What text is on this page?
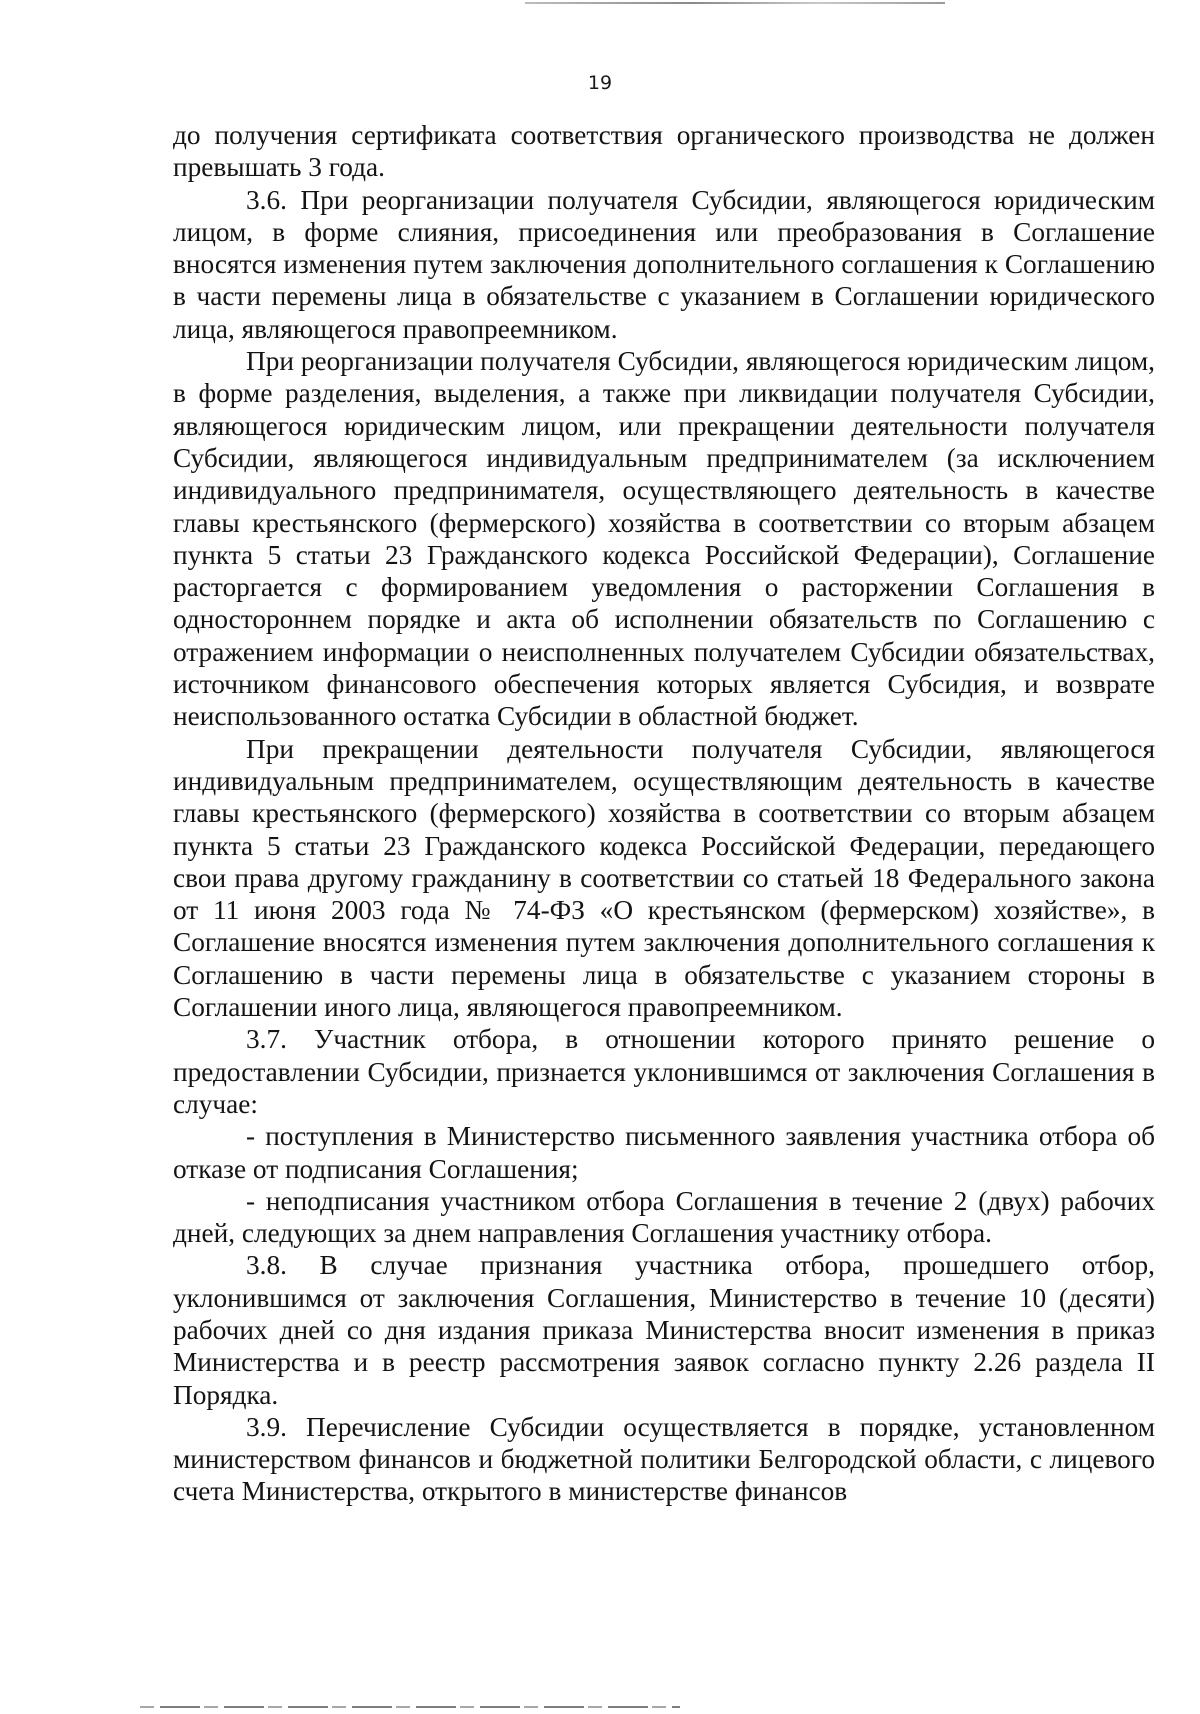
19

до получения сертификата соответствия органического производства не должен превышать 3 года.

3.6. При реорганизации получателя Субсидии, являющегося юридическим лицом, в форме слияния, присоединения или преобразования в Соглашение вносятся изменения путем заключения дополнительного соглашения к Соглашению в части перемены лица в обязательстве с указанием в Соглашении юридического лица, являющегося правопреемником.

При реорганизации получателя Субсидии, являющегося юридическим лицом, в форме разделения, выделения, а также при ликвидации получателя Субсидии, являющегося юридическим лицом, или прекращении деятельности получателя Субсидии, являющегося индивидуальным предпринимателем (за исключением индивидуального предпринимателя, осуществляющего деятельность в качестве главы крестьянского (фермерского) хозяйства в соответствии со вторым абзацем пункта 5 статьи 23 Гражданского кодекса Российской Федерации), Соглашение расторгается с формированием уведомления о расторжении Соглашения в одностороннем порядке и акта об исполнении обязательств по Соглашению с отражением информации о неисполненных получателем Субсидии обязательствах, источником финансового обеспечения которых является Субсидия, и возврате неиспользованного остатка Субсидии в областной бюджет.

При прекращении деятельности получателя Субсидии, являющегося индивидуальным предпринимателем, осуществляющим деятельность в качестве главы крестьянского (фермерского) хозяйства в соответствии со вторым абзацем пункта 5 статьи 23 Гражданского кодекса Российской Федерации, передающего свои права другому гражданину в соответствии со статьей 18 Федерального закона от 11 июня 2003 года № 74-ФЗ «О крестьянском (фермерском) хозяйстве», в Соглашение вносятся изменения путем заключения дополнительного соглашения к Соглашению в части перемены лица в обязательстве с указанием стороны в Соглашении иного лица, являющегося правопреемником.

3.7. Участник отбора, в отношении которого принято решение о предоставлении Субсидии, признается уклонившимся от заключения Соглашения в случае:

- поступления в Министерство письменного заявления участника отбора об отказе от подписания Соглашения;

- неподписания участником отбора Соглашения в течение 2 (двух) рабочих дней, следующих за днем направления Соглашения участнику отбора.

3.8. В случае признания участника отбора, прошедшего отбор, уклонившимся от заключения Соглашения, Министерство в течение 10 (десяти) рабочих дней со дня издания приказа Министерства вносит изменения в приказ Министерства и в реестр рассмотрения заявок согласно пункту 2.26 раздела II Порядка.

3.9. Перечисление Субсидии осуществляется в порядке, установленном министерством финансов и бюджетной политики Белгородской области, с лицевого счета Министерства, открытого в министерстве финансов
